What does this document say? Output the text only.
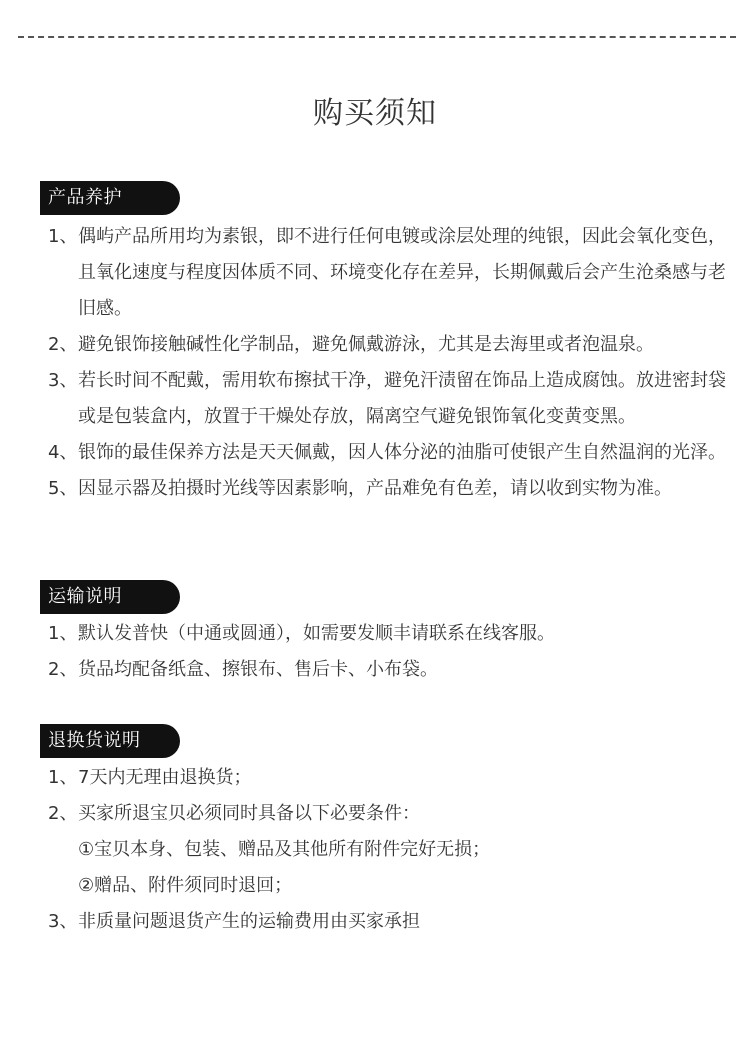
购买须知
产品养护
1、 偶屿产品所用均为素银，即不进行任何电镀或涂层处理的纯银，因此会氧化变色，且氧化速度与程度因体质不同、环境变化存在差异，长期佩戴后会产生沧桑感与老旧感。
2、 避免银饰接触碱性化学制品，避免佩戴游泳，尤其是去海里或者泡温泉。
3、 若长时间不配戴，需用软布擦拭干净，避免汗渍留在饰品上造成腐蚀。放进密封袋或是包装盒内，放置于干燥处存放，隔离空气避免银饰氧化变黄变黑。
4、 银饰的最佳保养方法是天天佩戴，因人体分泌的油脂可使银产生自然温润的光泽。
5、 因显示器及拍摄时光线等因素影响，产品难免有色差，请以收到实物为准。
运输说明
1、 默认发普快（中通或圆通），如需要发顺丰请联系在线客服。
2、 货品均配备纸盒、擦银布、售后卡、小布袋。
退换货说明
1、 7天内无理由退换货；
2、 买家所退宝贝必须同时具备以下必要条件：
①宝贝本身、包装、赠品及其他所有附件完好无损；
②赠品、附件须同时退回；
3、 非质量问题退货产生的运输费用由买家承担
